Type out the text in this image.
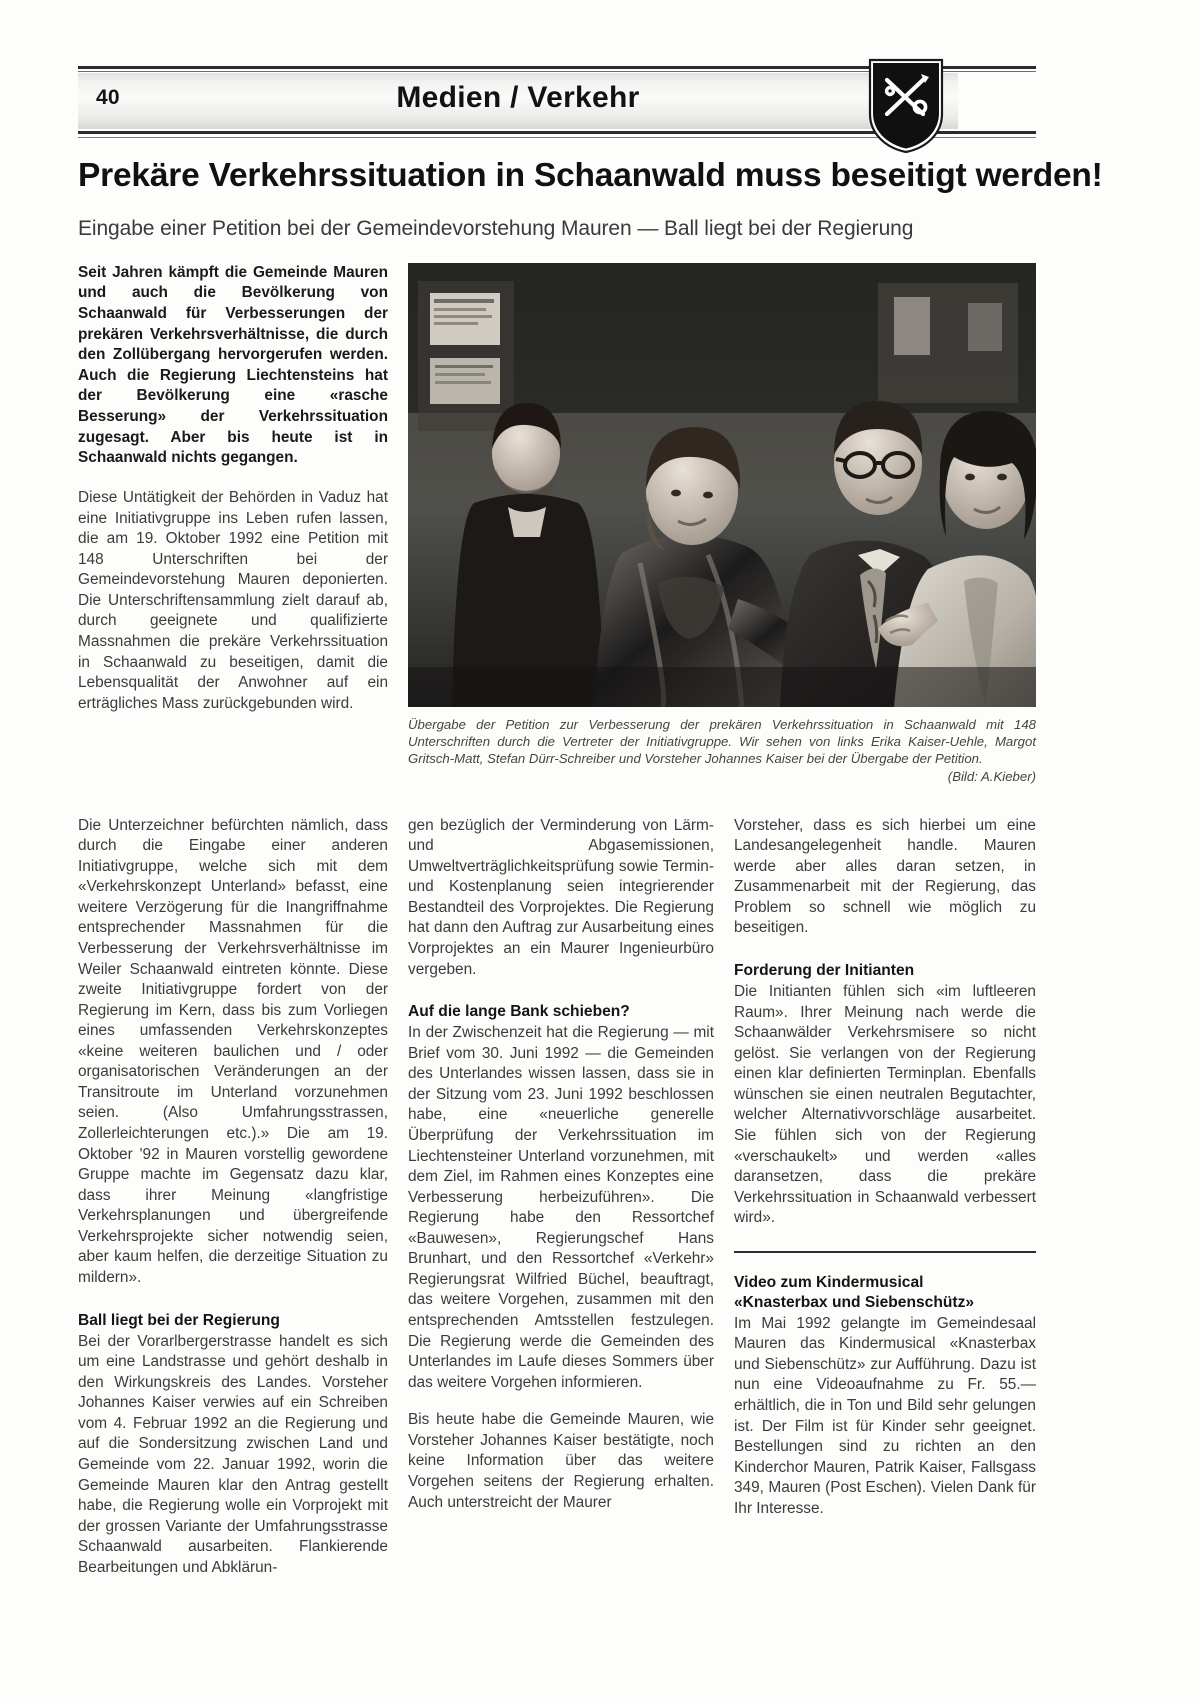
40	Medien / Verkehr
Prekäre Verkehrssituation in Schaanwald muss beseitigt werden!
Eingabe einer Petition bei der Gemeindevorstehung Mauren — Ball liegt bei der Regierung

Seit Jahren kämpft die Gemeinde Mauren und auch die Bevölkerung von Schaanwald für Verbesserungen der prekären Verkehrsverhältnisse, die durch den Zollübergang hervorgerufen werden. Auch die Regierung Liechtensteins hat der Bevölkerung eine «rasche Besserung» der Verkehrssituation zugesagt. Aber bis heute ist in Schaanwald nichts gegangen.

Diese Untätigkeit der Behörden in Vaduz hat eine Initiativgruppe ins Leben rufen lassen, die am 19. Oktober 1992 eine Petition mit 148 Unterschriften bei der Gemeindevorstehung Mauren deponierten. Die Unterschriftensammlung zielt darauf ab, durch geeignete und qualifizierte Massnahmen die prekäre Verkehrssituation in Schaanwald zu beseitigen, damit die Lebensqualität der Anwohner auf ein erträgliches Mass zurückgebunden wird.

Übergabe der Petition zur Verbesserung der prekären Verkehrssituation in Schaanwald mit 148 Unterschriften durch die Vertreter der Initiativgruppe. Wir sehen von links Erika Kaiser-Uehle, Margot Gritsch-Matt, Stefan Dürr-Schreiber und Vorsteher Johannes Kaiser bei der Übergabe der Petition.
(Bild: A.Kieber)

Die Unterzeichner befürchten nämlich, dass durch die Eingabe einer anderen Initiativgruppe, welche sich mit dem «Verkehrskonzept Unterland» befasst, eine weitere Verzögerung für die Inangriffnahme entsprechender Massnahmen für die Verbesserung der Verkehrsverhältnisse im Weiler Schaanwald eintreten könnte. Diese zweite Initiativgruppe fordert von der Regierung im Kern, dass bis zum Vorliegen eines umfassenden Verkehrskonzeptes «keine weiteren baulichen und / oder organisatorischen Veränderungen an der Transitroute im Unterland vorzunehmen seien. (Also Umfahrungsstrassen, Zollerleichterungen etc.).» Die am 19. Oktober '92 in Mauren vorstellig gewordene Gruppe machte im Gegensatz dazu klar, dass ihrer Meinung «langfristige Verkehrsplanungen und übergreifende Verkehrsprojekte sicher notwendig seien, aber kaum helfen, die derzeitige Situation zu mildern».

Ball liegt bei der Regierung

Bei der Vorarlbergerstrasse handelt es sich um eine Landstrasse und gehört deshalb in den Wirkungskreis des Landes. Vorsteher Johannes Kaiser verwies auf ein Schreiben vom 4. Februar 1992 an die Regierung und auf die Sondersitzung zwischen Land und Gemeinde vom 22. Januar 1992, worin die Gemeinde Mauren klar den Antrag gestellt habe, die Regierung wolle ein Vorprojekt mit der grossen Variante der Umfahrungsstrasse Schaanwald ausarbeiten. Flankierende Bearbeitungen und Abklärun-

gen bezüglich der Verminderung von Lärm- und Abgasemissionen, Umweltverträglichkeitsprüfung sowie Termin- und Kostenplanung seien integrierender Bestandteil des Vorprojektes. Die Regierung hat dann den Auftrag zur Ausarbeitung eines Vorprojektes an ein Maurer Ingenieurbüro vergeben.

Auf die lange Bank schieben?

In der Zwischenzeit hat die Regierung — mit Brief vom 30. Juni 1992 — die Gemeinden des Unterlandes wissen lassen, dass sie in der Sitzung vom 23. Juni 1992 beschlossen habe, eine «neuerliche generelle Überprüfung der Verkehrssituation im Liechtensteiner Unterland vorzunehmen, mit dem Ziel, im Rahmen eines Konzeptes eine Verbesserung herbeizuführen». Die Regierung habe den Ressortchef «Bauwesen», Regierungschef Hans Brunhart, und den Ressortchef «Verkehr» Regierungsrat Wilfried Büchel, beauftragt, das weitere Vorgehen, zusammen mit den entsprechenden Amtsstellen festzulegen. Die Regierung werde die Gemeinden des Unterlandes im Laufe dieses Sommers über das weitere Vorgehen informieren.

Bis heute habe die Gemeinde Mauren, wie Vorsteher Johannes Kaiser bestätigte, noch keine Information über das weitere Vorgehen seitens der Regierung erhalten. Auch unterstreicht der Maurer

Vorsteher, dass es sich hierbei um eine Landesangelegenheit handle. Mauren werde aber alles daran setzen, in Zusammenarbeit mit der Regierung, das Problem so schnell wie möglich zu beseitigen.

Forderung der Initianten

Die Initianten fühlen sich «im luftleeren Raum». Ihrer Meinung nach werde die Schaanwälder Verkehrsmisere so nicht gelöst. Sie verlangen von der Regierung einen klar definierten Terminplan. Ebenfalls wünschen sie einen neutralen Begutachter, welcher Alternativvorschläge ausarbeitet. Sie fühlen sich von der Regierung «verschaukelt» und werden «alles daransetzen, dass die prekäre Verkehrssituation in Schaanwald verbessert wird».

Video zum Kindermusical
«Knasterbax und Siebenschütz»

Im Mai 1992 gelangte im Gemeindesaal Mauren das Kindermusical «Knasterbax und Siebenschütz» zur Aufführung. Dazu ist nun eine Videoaufnahme zu Fr. 55.— erhältlich, die in Ton und Bild sehr gelungen ist. Der Film ist für Kinder sehr geeignet. Bestellungen sind zu richten an den Kinderchor Mauren, Patrik Kaiser, Fallsgass 349, Mauren (Post Eschen). Vielen Dank für Ihr Interesse.
